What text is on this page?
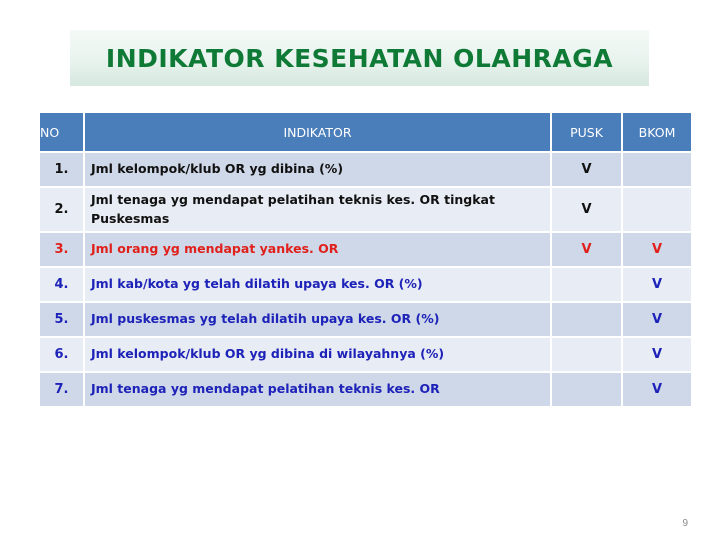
INDIKATOR KESEHATAN OLAHRAGA
NO	INDIKATOR	PUSK	BKOM
1.	Jml kelompok/klub OR yg dibina (%)	V	
2.	Jml tenaga yg mendapat pelatihan teknis kes. OR tingkat Puskesmas	V	
3.	Jml orang yg mendapat yankes. OR	V	V
4.	Jml kab/kota yg telah dilatih upaya kes. OR (%)		V
5.	Jml puskesmas yg telah dilatih upaya kes. OR (%)		V
6.	Jml kelompok/klub OR yg dibina di wilayahnya (%)		V
7.	Jml tenaga yg mendapat pelatihan teknis kes. OR		V
9
